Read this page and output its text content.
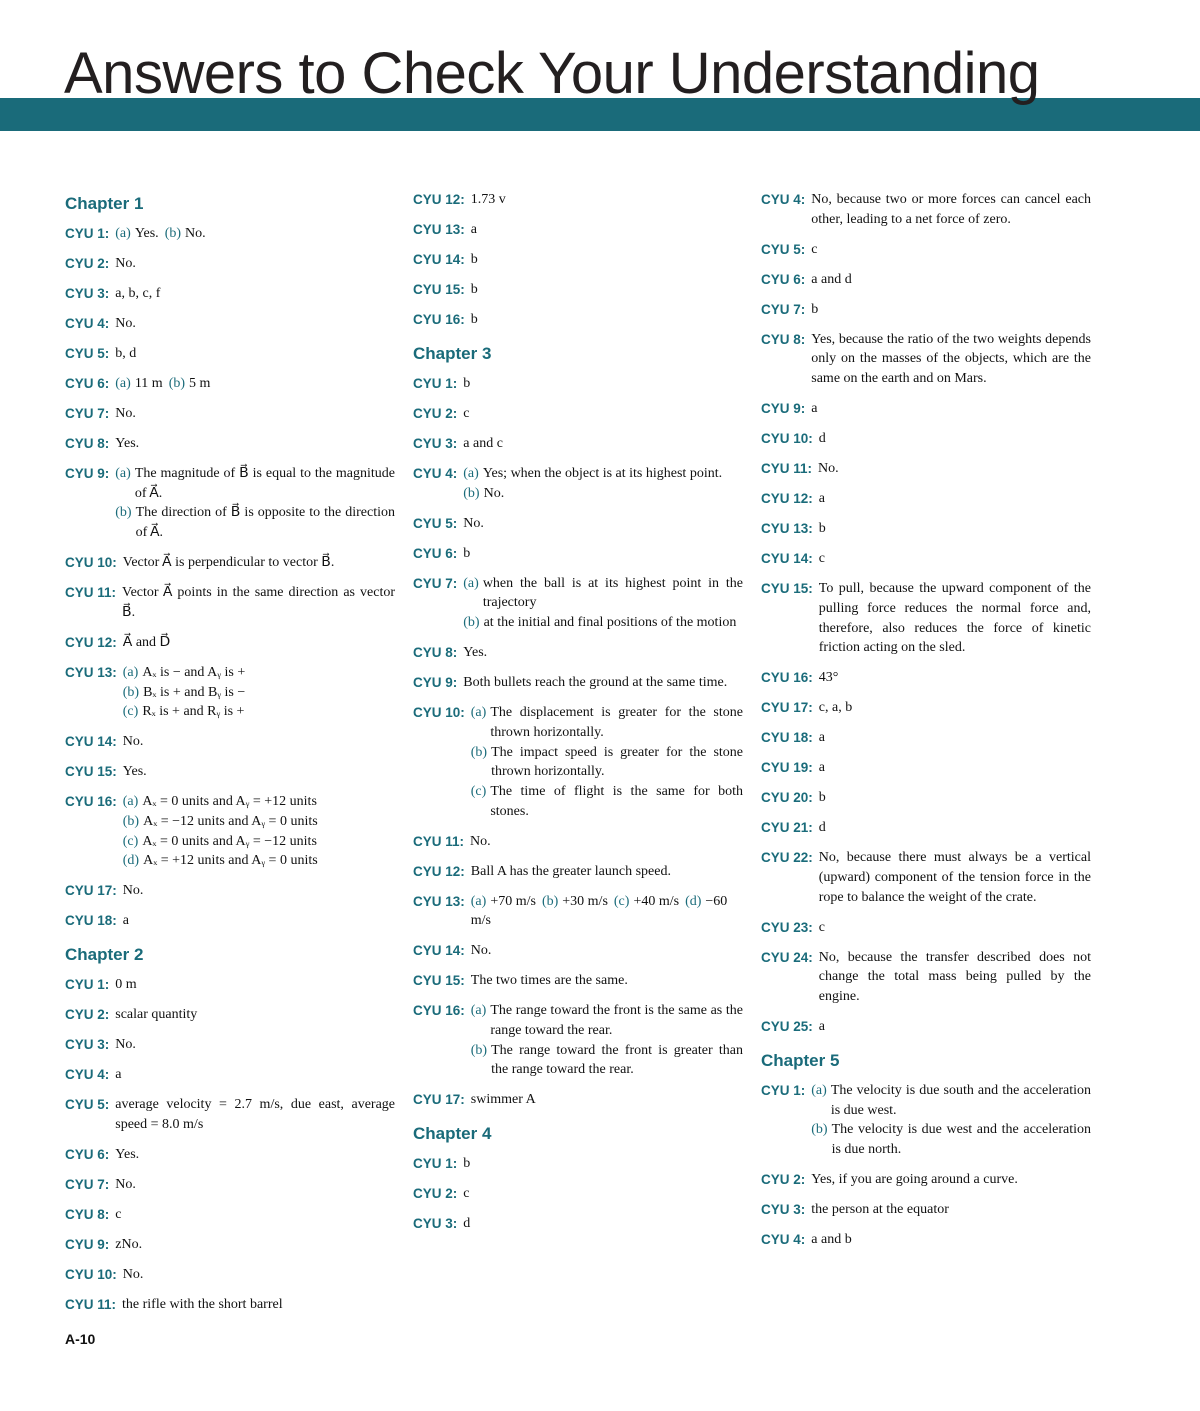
Answers to Check Your Understanding
Chapter 1
CYU 1: (a) Yes. (b) No.
CYU 2: No.
CYU 3: a, b, c, f
CYU 4: No.
CYU 5: b, d
CYU 6: (a) 11 m (b) 5 m
CYU 7: No.
CYU 8: Yes.
CYU 9: (a) The magnitude of B⃗ is equal to the magnitude of A⃗.
(b) The direction of B⃗ is opposite to the direction of A⃗.
CYU 10: Vector A⃗ is perpendicular to vector B⃗.
CYU 11: Vector A⃗ points in the same direction as vector B⃗.
CYU 12: A⃗ and D⃗
CYU 13: (a) Aₓ is − and Aᵧ is +
(b) Bₓ is + and Bᵧ is −
(c) Rₓ is + and Rᵧ is +
CYU 14: No.
CYU 15: Yes.
CYU 16: (a) Aₓ = 0 units and Aᵧ = +12 units
(b) Aₓ = −12 units and Aᵧ = 0 units
(c) Aₓ = 0 units and Aᵧ = −12 units
(d) Aₓ = +12 units and Aᵧ = 0 units
CYU 17: No.
CYU 18: a
Chapter 2
CYU 1: 0 m
CYU 2: scalar quantity
CYU 3: No.
CYU 4: a
CYU 5: average velocity = 2.7 m/s, due east, average speed = 8.0 m/s
CYU 6: Yes.
CYU 7: No.
CYU 8: c
CYU 9: zNo.
CYU 10: No.
CYU 11: the rifle with the short barrel
CYU 12: 1.73 v
CYU 13: a
CYU 14: b
CYU 15: b
CYU 16: b
Chapter 3
CYU 1: b
CYU 2: c
CYU 3: a and c
CYU 4: (a) Yes; when the object is at its highest point.
(b) No.
CYU 5: No.
CYU 6: b
CYU 7: (a) when the ball is at its highest point in the trajectory
(b) at the initial and final positions of the motion
CYU 8: Yes.
CYU 9: Both bullets reach the ground at the same time.
CYU 10: (a) The displacement is greater for the stone thrown horizontally.
(b) The impact speed is greater for the stone thrown horizontally.
(c) The time of flight is the same for both stones.
CYU 11: No.
CYU 12: Ball A has the greater launch speed.
CYU 13: (a) +70 m/s (b) +30 m/s (c) +40 m/s (d) −60 m/s
CYU 14: No.
CYU 15: The two times are the same.
CYU 16: (a) The range toward the front is the same as the range toward the rear.
(b) The range toward the front is greater than the range toward the rear.
CYU 17: swimmer A
Chapter 4
CYU 1: b
CYU 2: c
CYU 3: d
CYU 4: No, because two or more forces can cancel each other, leading to a net force of zero.
CYU 5: c
CYU 6: a and d
CYU 7: b
CYU 8: Yes, because the ratio of the two weights depends only on the masses of the objects, which are the same on the earth and on Mars.
CYU 9: a
CYU 10: d
CYU 11: No.
CYU 12: a
CYU 13: b
CYU 14: c
CYU 15: To pull, because the upward component of the pulling force reduces the normal force and, therefore, also reduces the force of kinetic friction acting on the sled.
CYU 16: 43°
CYU 17: c, a, b
CYU 18: a
CYU 19: a
CYU 20: b
CYU 21: d
CYU 22: No, because there must always be a vertical (upward) component of the tension force in the rope to balance the weight of the crate.
CYU 23: c
CYU 24: No, because the transfer described does not change the total mass being pulled by the engine.
CYU 25: a
Chapter 5
CYU 1: (a) The velocity is due south and the acceleration is due west.
(b) The velocity is due west and the acceleration is due north.
CYU 2: Yes, if you are going around a curve.
CYU 3: the person at the equator
CYU 4: a and b
A-10
